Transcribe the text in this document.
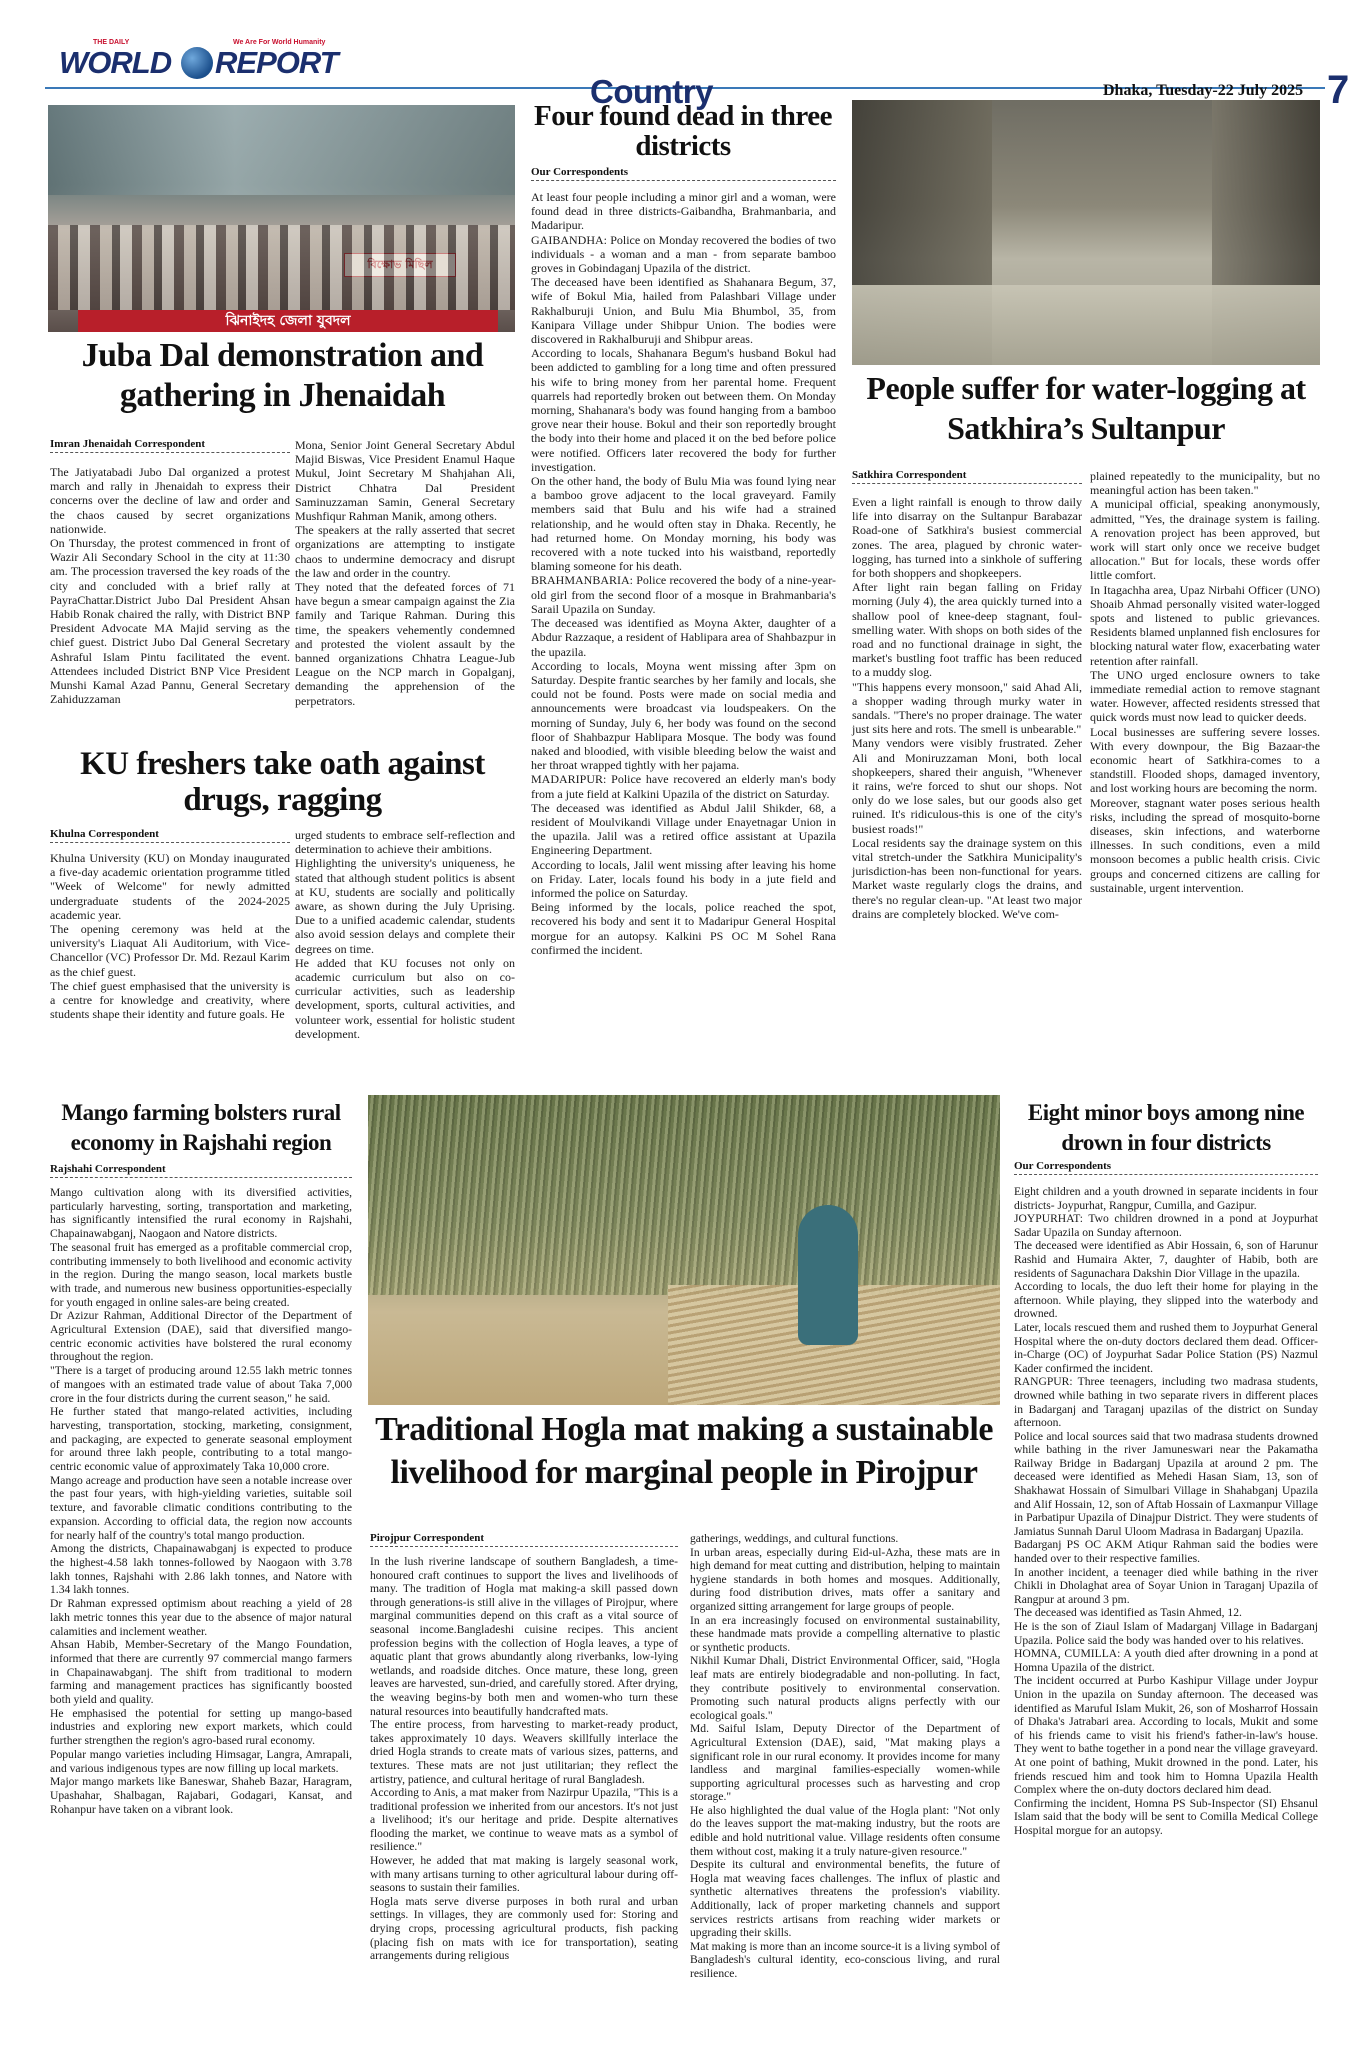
THE DAILY	We Are For World Humanity
WORLD REPORT
Country	Dhaka, Tuesday-22 July 2025 7
ঝিনাইদহ জেলা যুবদল
Juba Dal demonstration and gathering in Jhenaidah
Imran Jhenaidah Correspondent

The Jatiyatabadi Jubo Dal organized a protest march and rally in Jhenaidah to express their concerns over the decline of law and order and the chaos caused by secret organizations nationwide.

On Thursday, the protest commenced in front of Wazir Ali Secondary School in the city at 11:30 am. The procession traversed the key roads of the city and concluded with a brief rally at PayraChattar.District Jubo Dal President Ahsan Habib Ronak chaired the rally, with District BNP President Advocate MA Majid serving as the chief guest. District Jubo Dal General Secretary Ashraful Islam Pintu facilitated the event. Attendees included District BNP Vice President Munshi Kamal Azad Pannu, General Secretary Zahiduzzaman

Mona, Senior Joint General Secretary Abdul Majid Biswas, Vice President Enamul Haque Mukul, Joint Secretary M Shahjahan Ali, District Chhatra Dal President Saminuzzaman Samin, General Secretary Mushfiqur Rahman Manik, among others.

The speakers at the rally asserted that secret organizations are attempting to instigate chaos to undermine democracy and disrupt the law and order in the country.

They noted that the defeated forces of 71 have begun a smear campaign against the Zia family and Tarique Rahman. During this time, the speakers vehemently condemned and protested the violent assault by the banned organizations Chhatra League-Jub League on the NCP march in Gopalganj, demanding the apprehension of the perpetrators.

KU freshers take oath against drugs, ragging
Khulna Correspondent

Khulna University (KU) on Monday inaugurated a five-day academic orientation programme titled "Week of Welcome" for newly admitted undergraduate students of the 2024-2025 academic year.

The opening ceremony was held at the university's Liaquat Ali Auditorium, with Vice-Chancellor (VC) Professor Dr. Md. Rezaul Karim as the chief guest.

The chief guest emphasised that the university is a centre for knowledge and creativity, where students shape their identity and future goals. He

urged students to embrace self-reflection and determination to achieve their ambitions.

Highlighting the university's uniqueness, he stated that although student politics is absent at KU, students are socially and politically aware, as shown during the July Uprising. Due to a unified academic calendar, students also avoid session delays and complete their degrees on time.

He added that KU focuses not only on academic curriculum but also on co-curricular activities, such as leadership development, sports, cultural activities, and volunteer work, essential for holistic student development.

Four found dead in three districts
Our Correspondents

At least four people including a minor girl and a woman, were found dead in three districts-Gaibandha, Brahmanbaria, and Madaripur.

GAIBANDHA: Police on Monday recovered the bodies of two individuals - a woman and a man - from separate bamboo groves in Gobindaganj Upazila of the district.

The deceased have been identified as Shahanara Begum, 37, wife of Bokul Mia, hailed from Palashbari Village under Rakhalburuji Union, and Bulu Mia Bhumbol, 35, from Kanipara Village under Shibpur Union. The bodies were discovered in Rakhalburuji and Shibpur areas.

According to locals, Shahanara Begum's husband Bokul had been addicted to gambling for a long time and often pressured his wife to bring money from her parental home. Frequent quarrels had reportedly broken out between them. On Monday morning, Shahanara's body was found hanging from a bamboo grove near their house. Bokul and their son reportedly brought the body into their home and placed it on the bed before police were notified. Officers later recovered the body for further investigation.

On the other hand, the body of Bulu Mia was found lying near a bamboo grove adjacent to the local graveyard. Family members said that Bulu and his wife had a strained relationship, and he would often stay in Dhaka. Recently, he had returned home. On Monday morning, his body was recovered with a note tucked into his waistband, reportedly blaming someone for his death.

BRAHMANBARIA: Police recovered the body of a nine-year-old girl from the second floor of a mosque in Brahmanbaria's Sarail Upazila on Sunday.

The deceased was identified as Moyna Akter, daughter of a Abdur Razzaque, a resident of Hablipara area of Shahbazpur in the upazila.

According to locals, Moyna went missing after 3pm on Saturday. Despite frantic searches by her family and locals, she could not be found. Posts were made on social media and announcements were broadcast via loudspeakers. On the morning of Sunday, July 6, her body was found on the second floor of Shahbazpur Hablipara Mosque. The body was found naked and bloodied, with visible bleeding below the waist and her throat wrapped tightly with her pajama.

MADARIPUR: Police have recovered an elderly man's body from a jute field at Kalkini Upazila of the district on Saturday.

The deceased was identified as Abdul Jalil Shikder, 68, a resident of Moulvikandi Village under Enayetnagar Union in the upazila. Jalil was a retired office assistant at Upazila Engineering Department.

According to locals, Jalil went missing after leaving his home on Friday. Later, locals found his body in a jute field and informed the police on Saturday.

Being informed by the locals, police reached the spot, recovered his body and sent it to Madaripur General Hospital morgue for an autopsy. Kalkini PS OC M Sohel Rana confirmed the incident.

People suffer for water-logging at Satkhira’s Sultanpur
Satkhira Correspondent

Even a light rainfall is enough to throw daily life into disarray on the Sultanpur Barabazar Road-one of Satkhira's busiest commercial zones. The area, plagued by chronic water-logging, has turned into a sinkhole of suffering for both shoppers and shopkeepers.

After light rain began falling on Friday morning (July 4), the area quickly turned into a shallow pool of knee-deep stagnant, foul-smelling water. With shops on both sides of the road and no functional drainage in sight, the market's bustling foot traffic has been reduced to a muddy slog.

"This happens every monsoon," said Ahad Ali, a shopper wading through murky water in sandals. "There's no proper drainage. The water just sits here and rots. The smell is unbearable."

Many vendors were visibly frustrated. Zeher Ali and Moniruzzaman Moni, both local shopkeepers, shared their anguish, "Whenever it rains, we're forced to shut our shops. Not only do we lose sales, but our goods also get ruined. It's ridiculous-this is one of the city's busiest roads!"

Local residents say the drainage system on this vital stretch-under the Satkhira Municipality's jurisdiction-has been non-functional for years. Market waste regularly clogs the drains, and there's no regular clean-up. "At least two major drains are completely blocked. We've com-

plained repeatedly to the municipality, but no meaningful action has been taken."

A municipal official, speaking anonymously, admitted, "Yes, the drainage system is failing. A renovation project has been approved, but work will start only once we receive budget allocation." But for locals, these words offer little comfort.

In Itagachha area, Upaz Nirbahi Officer (UNO) Shoaib Ahmad personally visited water-logged spots and listened to public grievances. Residents blamed unplanned fish enclosures for blocking natural water flow, exacerbating water retention after rainfall.

The UNO urged enclosure owners to take immediate remedial action to remove stagnant water. However, affected residents stressed that quick words must now lead to quicker deeds.

Local businesses are suffering severe losses. With every downpour, the Big Bazaar-the economic heart of Satkhira-comes to a standstill. Flooded shops, damaged inventory, and lost working hours are becoming the norm.

Moreover, stagnant water poses serious health risks, including the spread of mosquito-borne diseases, skin infections, and waterborne illnesses. In such conditions, even a mild monsoon becomes a public health crisis. Civic groups and concerned citizens are calling for sustainable, urgent intervention.

Mango farming bolsters rural economy in Rajshahi region
Rajshahi Correspondent

Mango cultivation along with its diversified activities, particularly harvesting, sorting, transportation and marketing, has significantly intensified the rural economy in Rajshahi, Chapainawabganj, Naogaon and Natore districts.

The seasonal fruit has emerged as a profitable commercial crop, contributing immensely to both livelihood and economic activity in the region. During the mango season, local markets bustle with trade, and numerous new business opportunities-especially for youth engaged in online sales-are being created.

Dr Azizur Rahman, Additional Director of the Department of Agricultural Extension (DAE), said that diversified mango-centric economic activities have bolstered the rural economy throughout the region.

"There is a target of producing around 12.55 lakh metric tonnes of mangoes with an estimated trade value of about Taka 7,000 crore in the four districts during the current season," he said.

He further stated that mango-related activities, including harvesting, transportation, stocking, marketing, consignment, and packaging, are expected to generate seasonal employment for around three lakh people, contributing to a total mango-centric economic value of approximately Taka 10,000 crore.

Mango acreage and production have seen a notable increase over the past four years, with high-yielding varieties, suitable soil texture, and favorable climatic conditions contributing to the expansion. According to official data, the region now accounts for nearly half of the country's total mango production.

Among the districts, Chapainawabganj is expected to produce the highest-4.58 lakh tonnes-followed by Naogaon with 3.78 lakh tonnes, Rajshahi with 2.86 lakh tonnes, and Natore with 1.34 lakh tonnes.

Dr Rahman expressed optimism about reaching a yield of 28 lakh metric tonnes this year due to the absence of major natural calamities and inclement weather.

Ahsan Habib, Member-Secretary of the Mango Foundation, informed that there are currently 97 commercial mango farmers in Chapainawabganj. The shift from traditional to modern farming and management practices has significantly boosted both yield and quality.

He emphasised the potential for setting up mango-based industries and exploring new export markets, which could further strengthen the region's agro-based rural economy.

Popular mango varieties including Himsagar, Langra, Amrapali, and various indigenous types are now filling up local markets.

Major mango markets like Baneswar, Shaheb Bazar, Haragram, Upashahar, Shalbagan, Rajabari, Godagari, Kansat, and Rohanpur have taken on a vibrant look.

Traditional Hogla mat making a sustainable livelihood for marginal people in Pirojpur
Pirojpur Correspondent

In the lush riverine landscape of southern Bangladesh, a time-honoured craft continues to support the lives and livelihoods of many. The tradition of Hogla mat making-a skill passed down through generations-is still alive in the villages of Pirojpur, where marginal communities depend on this craft as a vital source of seasonal income.Bangladeshi cuisine recipes. This ancient profession begins with the collection of Hogla leaves, a type of aquatic plant that grows abundantly along riverbanks, low-lying wetlands, and roadside ditches. Once mature, these long, green leaves are harvested, sun-dried, and carefully stored. After drying, the weaving begins-by both men and women-who turn these natural resources into beautifully handcrafted mats.

The entire process, from harvesting to market-ready product, takes approximately 10 days. Weavers skillfully interlace the dried Hogla strands to create mats of various sizes, patterns, and textures. These mats are not just utilitarian; they reflect the artistry, patience, and cultural heritage of rural Bangladesh.

According to Anis, a mat maker from Nazirpur Upazila, "This is a traditional profession we inherited from our ancestors. It's not just a livelihood; it's our heritage and pride. Despite alternatives flooding the market, we continue to weave mats as a symbol of resilience."

However, he added that mat making is largely seasonal work, with many artisans turning to other agricultural labour during off-seasons to sustain their families.

Hogla mats serve diverse purposes in both rural and urban settings. In villages, they are commonly used for: Storing and drying crops, processing agricultural products, fish packing (placing fish on mats with ice for transportation), seating arrangements during religious

gatherings, weddings, and cultural functions.

In urban areas, especially during Eid-ul-Azha, these mats are in high demand for meat cutting and distribution, helping to maintain hygiene standards in both homes and mosques. Additionally, during food distribution drives, mats offer a sanitary and organized sitting arrangement for large groups of people.

In an era increasingly focused on environmental sustainability, these handmade mats provide a compelling alternative to plastic or synthetic products.

Nikhil Kumar Dhali, District Environmental Officer, said, "Hogla leaf mats are entirely biodegradable and non-polluting. In fact, they contribute positively to environmental conservation. Promoting such natural products aligns perfectly with our ecological goals."

Md. Saiful Islam, Deputy Director of the Department of Agricultural Extension (DAE), said, "Mat making plays a significant role in our rural economy. It provides income for many landless and marginal families-especially women-while supporting agricultural processes such as harvesting and crop storage."

He also highlighted the dual value of the Hogla plant: "Not only do the leaves support the mat-making industry, but the roots are edible and hold nutritional value. Village residents often consume them without cost, making it a truly nature-given resource."

Despite its cultural and environmental benefits, the future of Hogla mat weaving faces challenges. The influx of plastic and synthetic alternatives threatens the profession's viability. Additionally, lack of proper marketing channels and support services restricts artisans from reaching wider markets or upgrading their skills.

Mat making is more than an income source-it is a living symbol of Bangladesh's cultural identity, eco-conscious living, and rural resilience.

Eight minor boys among nine drown in four districts
Our Correspondents

Eight children and a youth drowned in separate incidents in four districts- Joypurhat, Rangpur, Cumilla, and Gazipur.

JOYPURHAT: Two children drowned in a pond at Joypurhat Sadar Upazila on Sunday afternoon.

The deceased were identified as Abir Hossain, 6, son of Harunur Rashid and Humaira Akter, 7, daughter of Habib, both are residents of Sagunachara Dakshin Dior Village in the upazila.

According to locals, the duo left their home for playing in the afternoon. While playing, they slipped into the waterbody and drowned.

Later, locals rescued them and rushed them to Joypurhat General Hospital where the on-duty doctors declared them dead. Officer-in-Charge (OC) of Joypurhat Sadar Police Station (PS) Nazmul Kader confirmed the incident.

RANGPUR: Three teenagers, including two madrasa students, drowned while bathing in two separate rivers in different places in Badarganj and Taraganj upazilas of the district on Sunday afternoon.

Police and local sources said that two madrasa students drowned while bathing in the river Jamuneswari near the Pakamatha Railway Bridge in Badarganj Upazila at around 2 pm. The deceased were identified as Mehedi Hasan Siam, 13, son of Shakhawat Hossain of Simulbari Village in Shahabganj Upazila and Alif Hossain, 12, son of Aftab Hossain of Laxmanpur Village in Parbatipur Upazila of Dinajpur District. They were students of Jamiatus Sunnah Darul Uloom Madrasa in Badarganj Upazila.

Badarganj PS OC AKM Atiqur Rahman said the bodies were handed over to their respective families.

In another incident, a teenager died while bathing in the river Chikli in Dholaghat area of Soyar Union in Taraganj Upazila of Rangpur at around 3 pm.

The deceased was identified as Tasin Ahmed, 12.

He is the son of Ziaul Islam of Madarganj Village in Badarganj Upazila. Police said the body was handed over to his relatives.

HOMNA, CUMILLA: A youth died after drowning in a pond at Homna Upazila of the district.

The incident occurred at Purbo Kashipur Village under Joypur Union in the upazila on Sunday afternoon. The deceased was identified as Maruful Islam Mukit, 26, son of Mosharrof Hossain of Dhaka's Jatrabari area. According to locals, Mukit and some of his friends came to visit his friend's father-in-law's house. They went to bathe together in a pond near the village graveyard. At one point of bathing, Mukit drowned in the pond. Later, his friends rescued him and took him to Homna Upazila Health Complex where the on-duty doctors declared him dead.

Confirming the incident, Homna PS Sub-Inspector (SI) Ehsanul Islam said that the body will be sent to Comilla Medical College Hospital morgue for an autopsy.
